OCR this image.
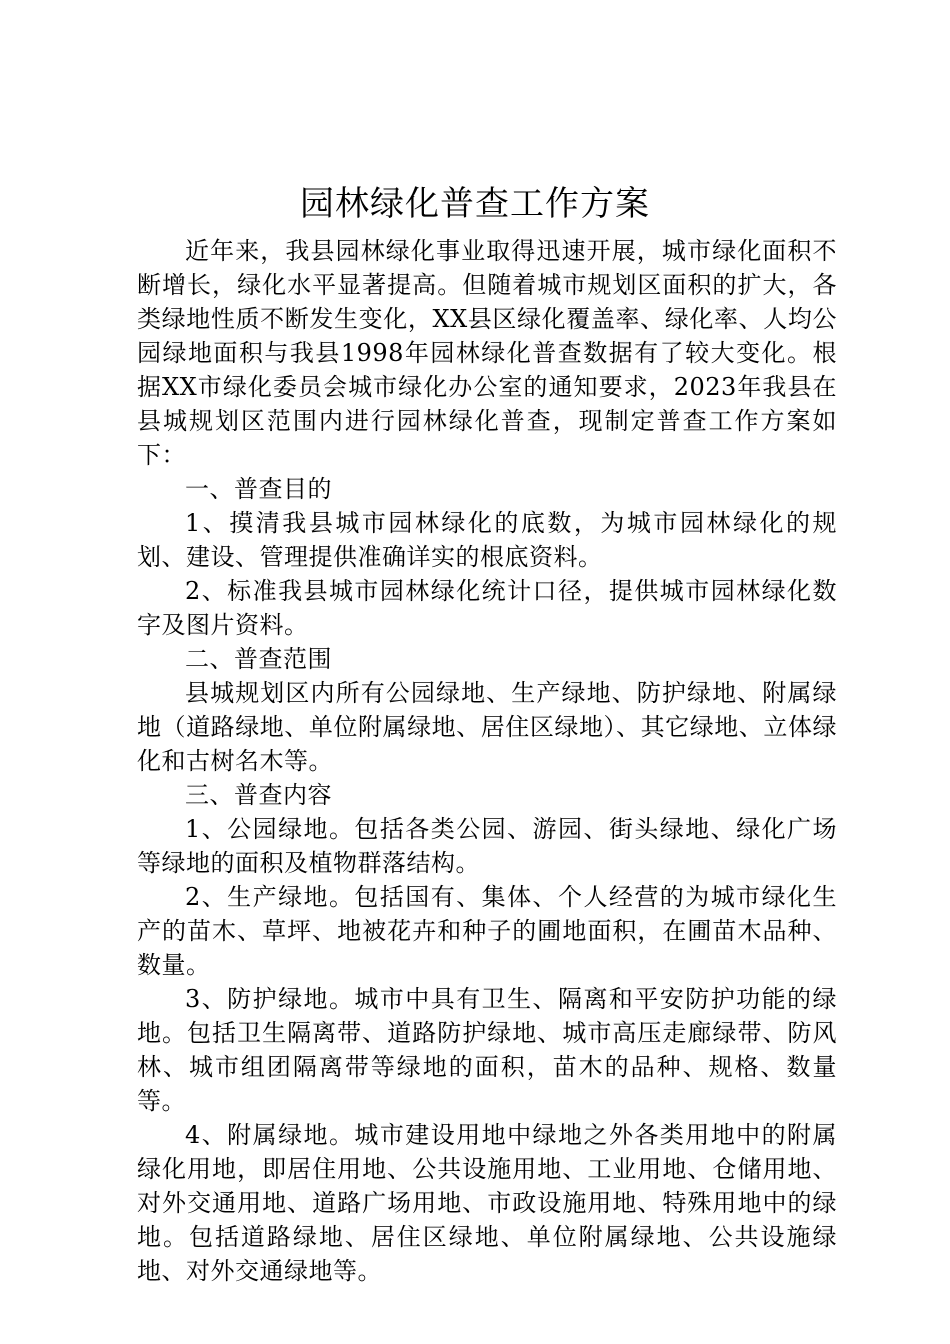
园林绿化普查工作方案

近年来，我县园林绿化事业取得迅速开展，城市绿化面积不断增长，绿化水平显著提高。但随着城市规划区面积的扩大，各类绿地性质不断发生变化，XX县区绿化覆盖率、绿化率、人均公园绿地面积与我县1998年园林绿化普查数据有了较大变化。根据XX市绿化委员会城市绿化办公室的通知要求，2023年我县在县城规划区范围内进行园林绿化普查，现制定普查工作方案如下：

一、普查目的

1、摸清我县城市园林绿化的底数，为城市园林绿化的规划、建设、管理提供准确详实的根底资料。

2、标准我县城市园林绿化统计口径，提供城市园林绿化数字及图片资料。

二、普查范围

县城规划区内所有公园绿地、生产绿地、防护绿地、附属绿地（道路绿地、单位附属绿地、居住区绿地）、其它绿地、立体绿化和古树名木等。

三、普查内容

1、公园绿地。包括各类公园、游园、街头绿地、绿化广场等绿地的面积及植物群落结构。

2、生产绿地。包括国有、集体、个人经营的为城市绿化生产的苗木、草坪、地被花卉和种子的圃地面积，在圃苗木品种、数量。

3、防护绿地。城市中具有卫生、隔离和平安防护功能的绿地。包括卫生隔离带、道路防护绿地、城市高压走廊绿带、防风林、城市组团隔离带等绿地的面积，苗木的品种、规格、数量等。

4、附属绿地。城市建设用地中绿地之外各类用地中的附属绿化用地，即居住用地、公共设施用地、工业用地、仓储用地、对外交通用地、道路广场用地、市政设施用地、特殊用地中的绿地。包括道路绿地、居住区绿地、单位附属绿地、公共设施绿地、对外交通绿地等。
